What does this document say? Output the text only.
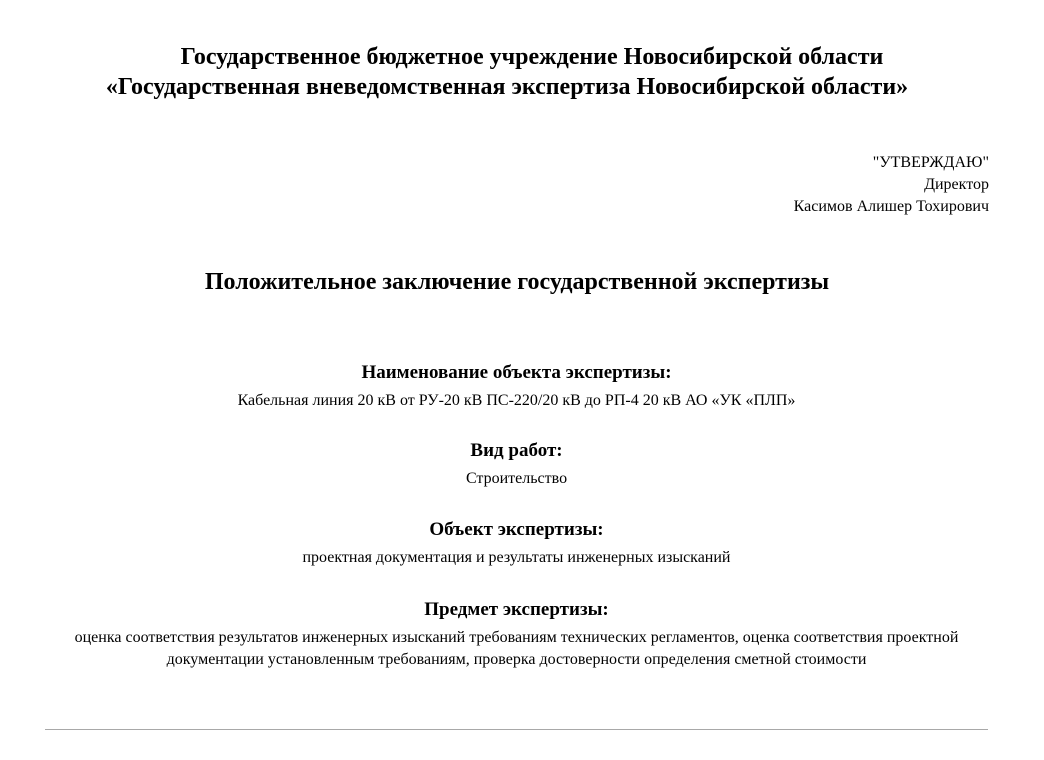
Государственное бюджетное учреждение Новосибирской области
«Государственная вневедомственная экспертиза Новосибирской области»
"УТВЕРЖДАЮ"
Директор
Касимов Алишер Тохирович
Положительное заключение государственной экспертизы
Наименование объекта экспертизы:
Кабельная линия 20 кВ от РУ-20 кВ ПС-220/20 кВ до РП-4 20 кВ АО «УК «ПЛП»
Вид работ:
Строительство
Объект экспертизы:
проектная документация и результаты инженерных изысканий
Предмет экспертизы:
оценка соответствия результатов инженерных изысканий требованиям технических регламентов, оценка соответствия проектной документации установленным требованиям, проверка достоверности определения сметной стоимости
